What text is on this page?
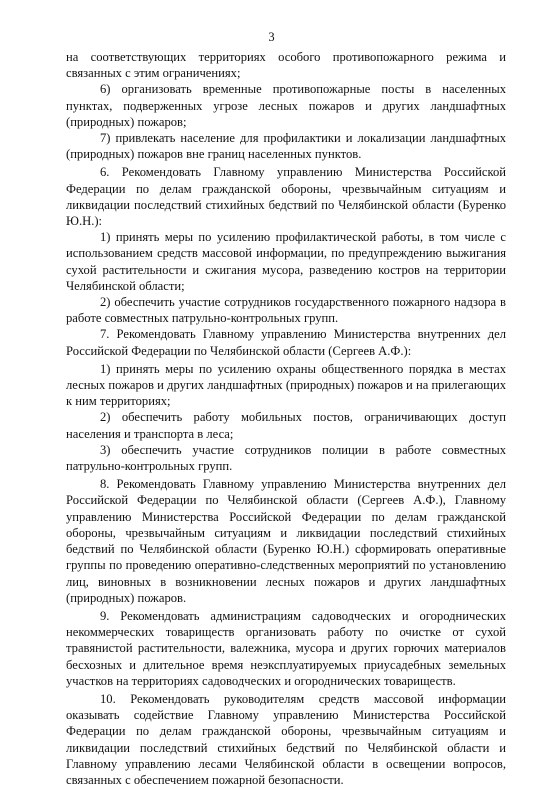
3

на соответствующих территориях особого противопожарного режима и связанных с этим ограничениях;

6) организовать временные противопожарные посты в населенных пунктах, подверженных угрозе лесных пожаров и других ландшафтных (природных) пожаров;

7) привлекать население для профилактики и локализации ландшафтных (природных) пожаров вне границ населенных пунктов.

6. Рекомендовать Главному управлению Министерства Российской Федерации по делам гражданской обороны, чрезвычайным ситуациям и ликвидации последствий стихийных бедствий по Челябинской области (Буренко Ю.Н.):

1) принять меры по усилению профилактической работы, в том числе с использованием средств массовой информации, по предупреждению выжигания сухой растительности и сжигания мусора, разведению костров на территории Челябинской области;

2) обеспечить участие сотрудников государственного пожарного надзора в работе совместных патрульно-контрольных групп.

7. Рекомендовать Главному управлению Министерства внутренних дел Российской Федерации по Челябинской области (Сергеев А.Ф.):

1) принять меры по усилению охраны общественного порядка в местах лесных пожаров и других ландшафтных (природных) пожаров и на прилегающих к ним территориях;

2) обеспечить работу мобильных постов, ограничивающих доступ населения и транспорта в леса;

3) обеспечить участие сотрудников полиции в работе совместных патрульно-контрольных групп.

8. Рекомендовать Главному управлению Министерства внутренних дел Российской Федерации по Челябинской области (Сергеев А.Ф.), Главному управлению Министерства Российской Федерации по делам гражданской обороны, чрезвычайным ситуациям и ликвидации последствий стихийных бедствий по Челябинской области (Буренко Ю.Н.) сформировать оперативные группы по проведению оперативно-следственных мероприятий по установлению лиц, виновных в возникновении лесных пожаров и других ландшафтных (природных) пожаров.

9. Рекомендовать администрациям садоводческих и огороднических некоммерческих товариществ организовать работу по очистке от сухой травянистой растительности, валежника, мусора и других горючих материалов бесхозных и длительное время неэксплуатируемых приусадебных земельных участков на территориях садоводческих и огороднических товариществ.

10. Рекомендовать руководителям средств массовой информации оказывать содействие Главному управлению Министерства Российской Федерации по делам гражданской обороны, чрезвычайным ситуациям и ликвидации последствий стихийных бедствий по Челябинской области и Главному управлению лесами Челябинской области в освещении вопросов, связанных с обеспечением пожарной безопасности.
